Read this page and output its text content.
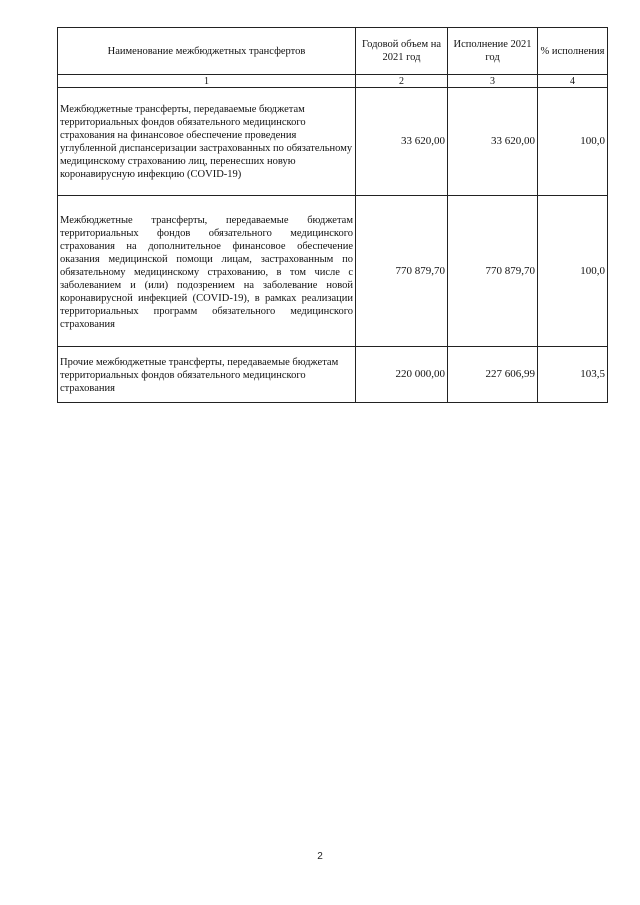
Наименование межбюджетных трансфертов	Годовой объем на 2021 год	Исполнение 2021 год	% исполнения
1	2	3	4
Межбюджетные трансферты, передаваемые бюджетам территориальных фондов обязательного медицинского страхования на финансовое обеспечение проведения углубленной диспансеризации застрахованных по обязательному медицинскому страхованию лиц, перенесших новую коронавирусную инфекцию (COVID-19)	33 620,00	33 620,00	100,0
Межбюджетные трансферты, передаваемые бюджетам территориальных фондов обязательного медицинского страхования на дополнительное финансовое обеспечение оказания медицинской помощи лицам, застрахованным по обязательному медицинскому страхованию, в том числе с заболеванием и (или) подозрением на заболевание новой коронавирусной инфекцией (COVID-19), в рамках реализации территориальных программ обязательного медицинского страхования	770 879,70	770 879,70	100,0
Прочие межбюджетные трансферты, передаваемые бюджетам территориальных фондов обязательного медицинского страхования	220 000,00	227 606,99	103,5
2
